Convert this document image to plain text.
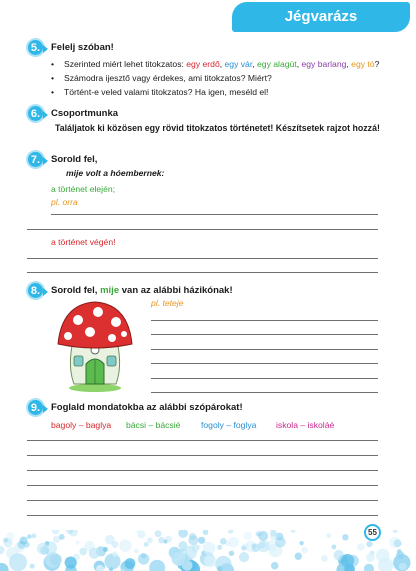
Jégvarázs
5.	Felelj szóban!
• Szerinted miért lehet titokzatos: egy erdő, egy vár, egy alagút, egy barlang, egy tó?
• Számodra ijesztő vagy érdekes, ami titokzatos? Miért?
• Történt-e veled valami titokzatos? Ha igen, meséld el!
6.	Csoportmunka
Találjatok ki közösen egy rövid titokzatos történetet! Készítsetek rajzot hozzá!
7.	Sorold fel,
mije volt a hóembernek:
a történet elején;
pl. orra
a történet végén!
8.	Sorold fel, mije van az alábbi házikónak!
pl. teteje
9.	Foglald mondatokba az alábbi szópárokat!
bagoly – baglya bácsi – bácsié fogoly – foglya iskola – iskoláé
55
